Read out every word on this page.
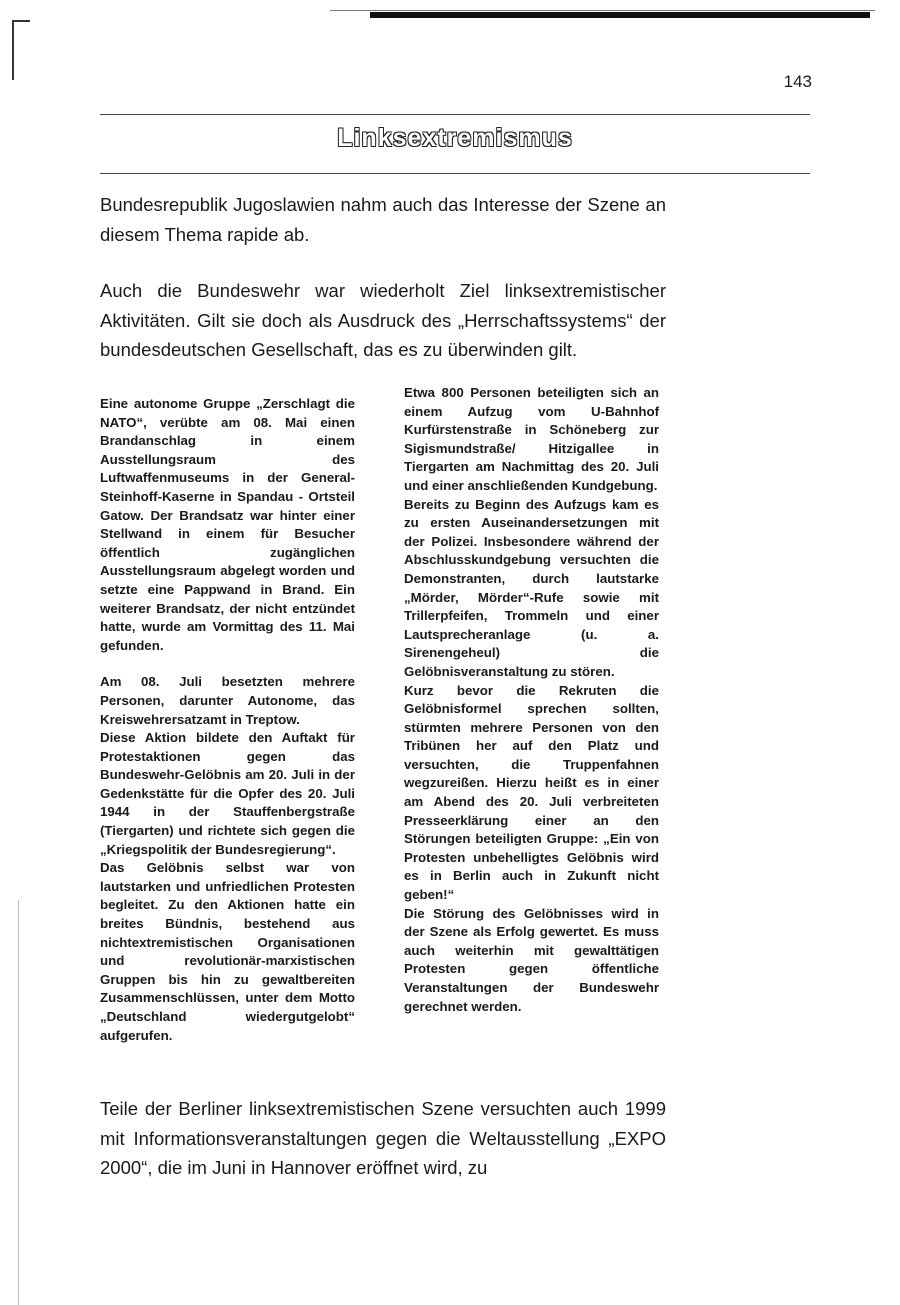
143
Linksextremismus

Bundesrepublik Jugoslawien nahm auch das Interesse der Szene an diesem Thema rapide ab.

Auch die Bundeswehr war wiederholt Ziel linksextremistischer Aktivitäten. Gilt sie doch als Ausdruck des „Herrschaftssystems“ der bundesdeutschen Gesellschaft, das es zu überwinden gilt.

Eine autonome Gruppe „Zerschlagt die NATO“, verübte am 08. Mai einen Brandanschlag in einem Ausstellungsraum des Luftwaffenmuseums in der General-Steinhoff-Kaserne in Spandau - Ortsteil Gatow. Der Brandsatz war hinter einer Stellwand in einem für Besucher öffentlich zugänglichen Ausstellungsraum abgelegt worden und setzte eine Pappwand in Brand. Ein weiterer Brandsatz, der nicht entzündet hatte, wurde am Vormittag des 11. Mai gefunden.

Am 08. Juli besetzten mehrere Personen, darunter Autonome, das Kreiswehrersatzamt in Treptow.

Diese Aktion bildete den Auftakt für Protestaktionen gegen das Bundeswehr-Gelöbnis am 20. Juli in der Gedenkstätte für die Opfer des 20. Juli 1944 in der Stauffenbergstraße (Tiergarten) und richtete sich gegen die „Kriegspolitik der Bundesregierung“.

Das Gelöbnis selbst war von lautstarken und unfriedlichen Protesten begleitet. Zu den Aktionen hatte ein breites Bündnis, bestehend aus nichtextremistischen Organisationen und revolutionär-marxistischen Gruppen bis hin zu gewaltbereiten Zusammenschlüssen, unter dem Motto „Deutschland wiedergutgelobt“ aufgerufen.

Etwa 800 Personen beteiligten sich an einem Aufzug vom U-Bahnhof Kurfürstenstraße in Schöneberg zur Sigismundstraße/ Hitzigallee in Tiergarten am Nachmittag des 20. Juli und einer anschließenden Kundgebung.

Bereits zu Beginn des Aufzugs kam es zu ersten Auseinandersetzungen mit der Polizei. Insbesondere während der Abschlusskundgebung versuchten die Demonstranten, durch lautstarke „Mörder, Mörder“-Rufe sowie mit Trillerpfeifen, Trommeln und einer Lautsprecheranlage (u. a. Sirenengeheul) die Gelöbnisveranstaltung zu stören.

Kurz bevor die Rekruten die Gelöbnisformel sprechen sollten, stürmten mehrere Personen von den Tribünen her auf den Platz und versuchten, die Truppenfahnen wegzureißen. Hierzu heißt es in einer am Abend des 20. Juli verbreiteten Presseerklärung einer an den Störungen beteiligten Gruppe: „Ein von Protesten unbehelligtes Gelöbnis wird es in Berlin auch in Zukunft nicht geben!“

Die Störung des Gelöbnisses wird in der Szene als Erfolg gewertet. Es muss auch weiterhin mit gewalttätigen Protesten gegen öffentliche Veranstaltungen der Bundeswehr gerechnet werden.

Teile der Berliner linksextremistischen Szene versuchten auch 1999 mit Informationsveranstaltungen gegen die Weltausstellung „EXPO 2000“, die im Juni in Hannover eröffnet wird, zu
